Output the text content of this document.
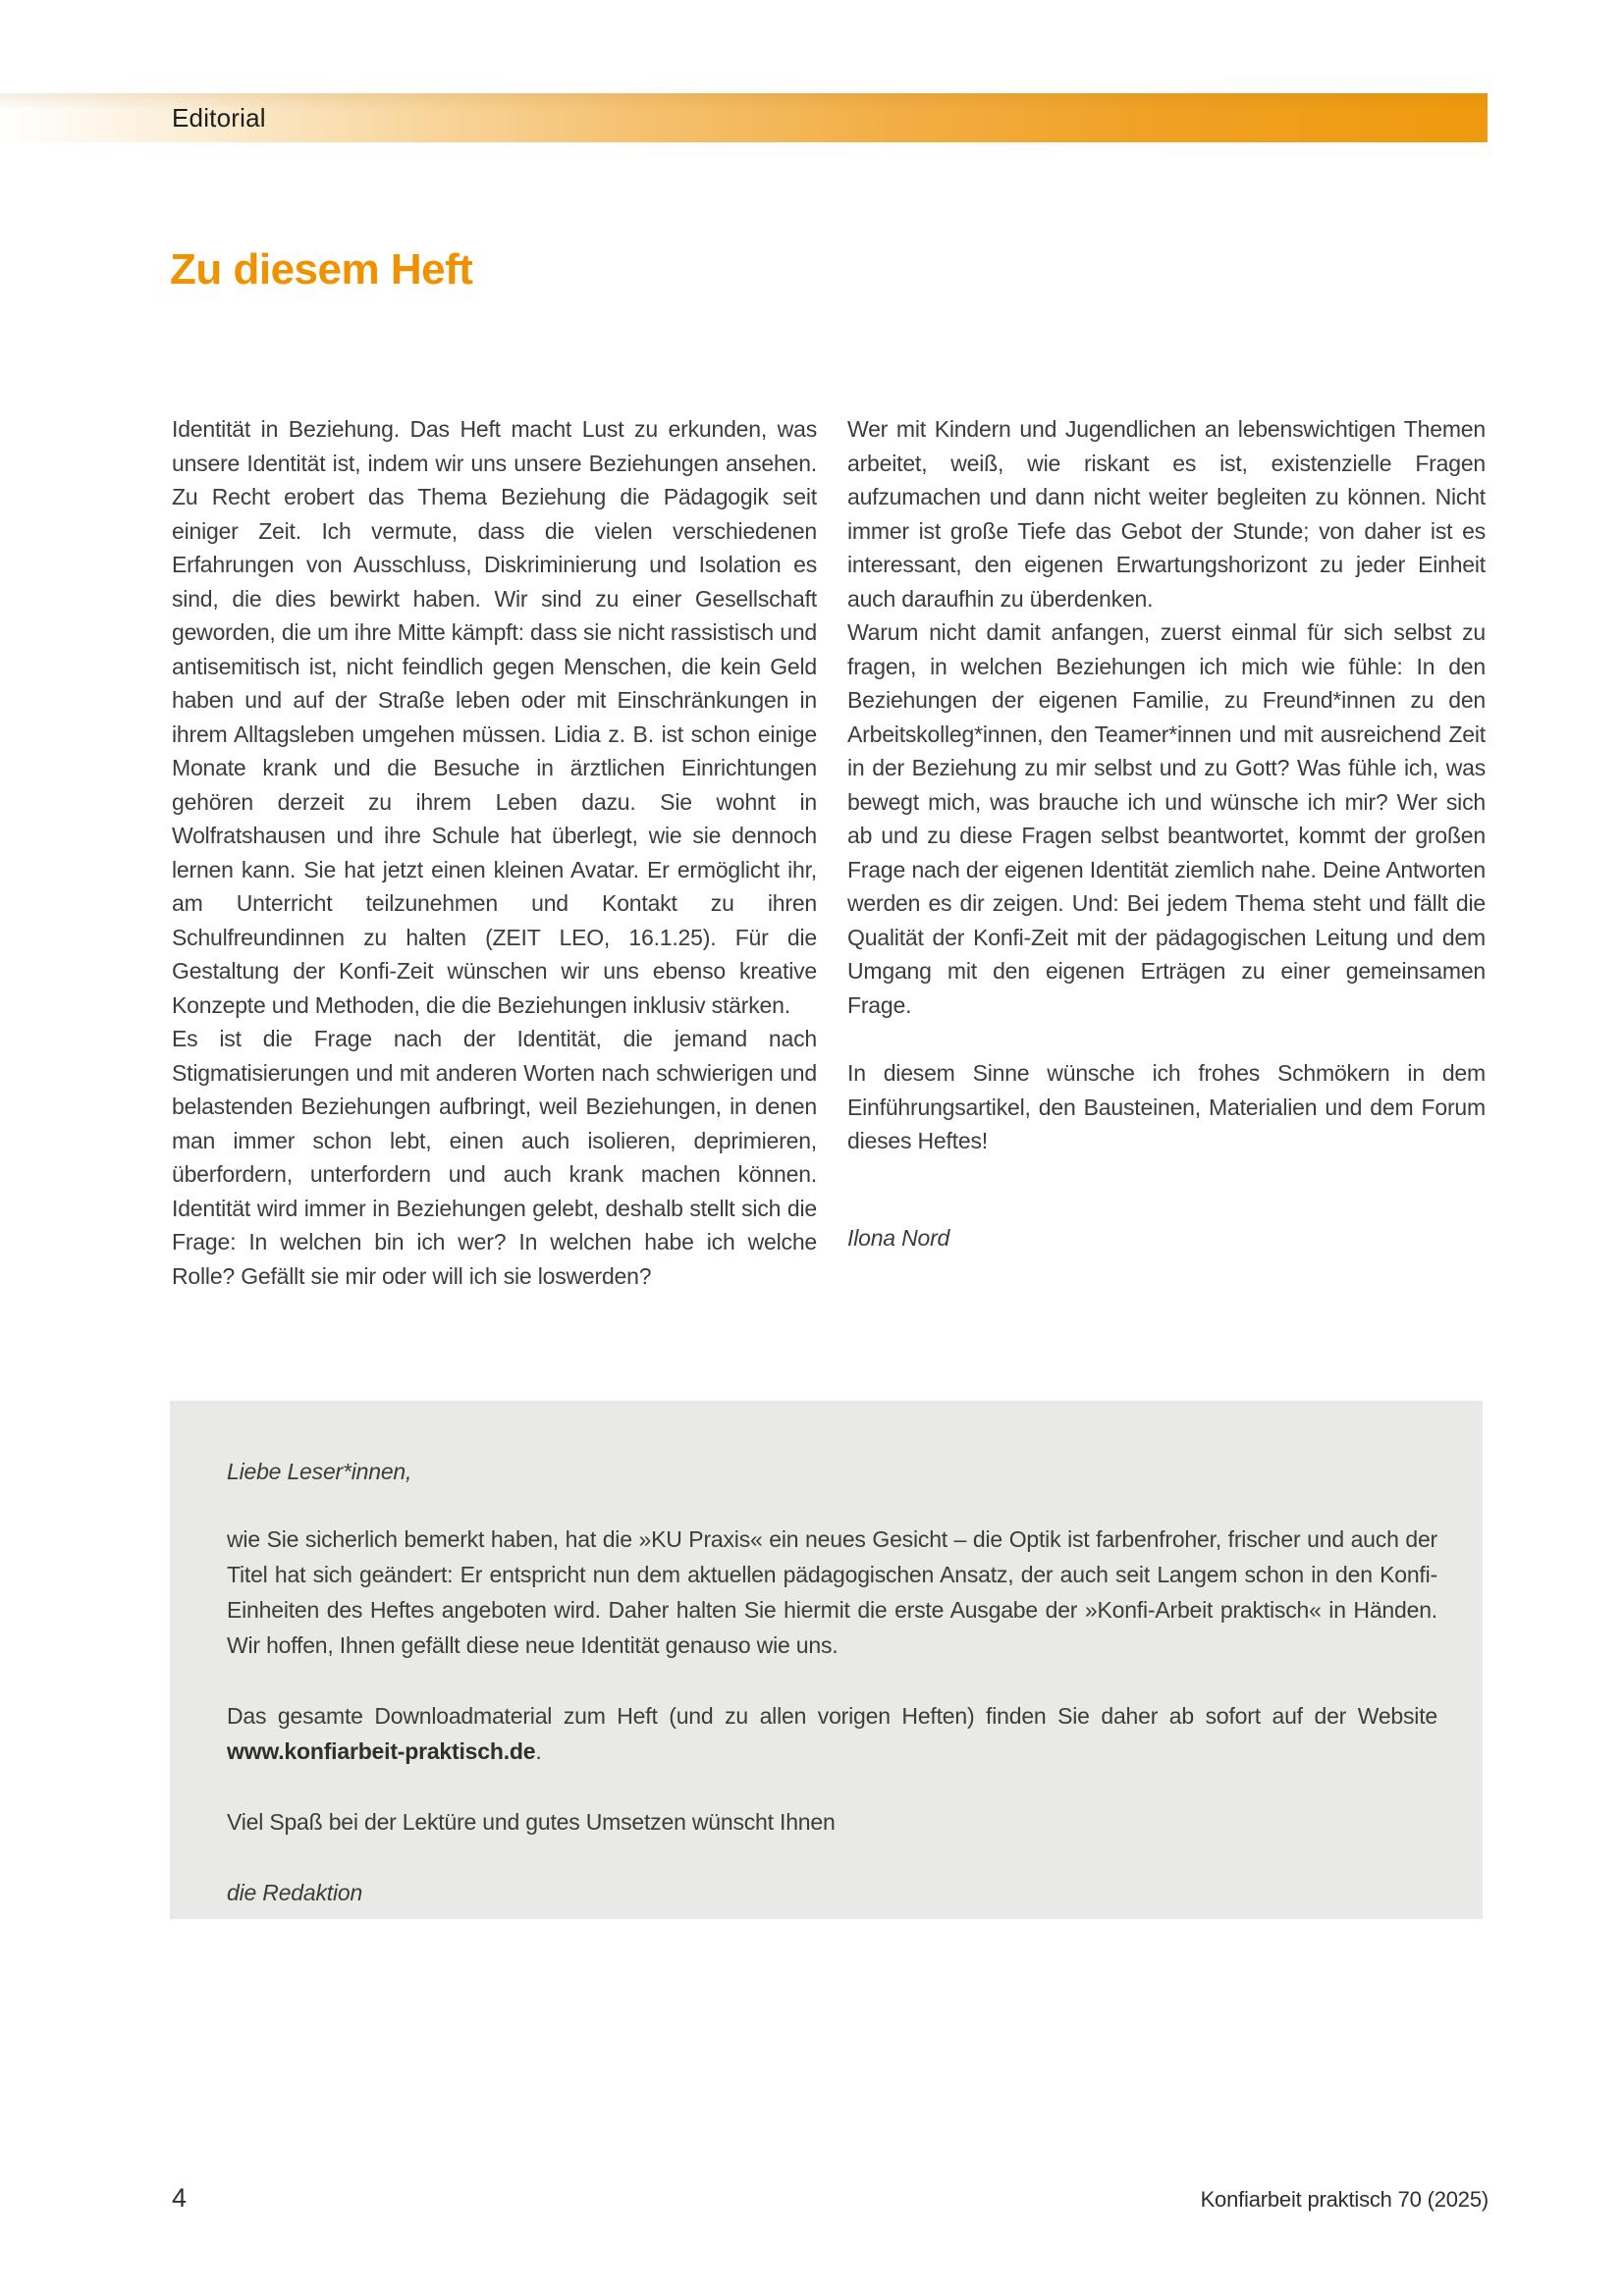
Editorial
Zu diesem Heft

Identität in Beziehung. Das Heft macht Lust zu erkunden, was unsere Identität ist, indem wir uns unsere Beziehungen ansehen. Zu Recht erobert das Thema Beziehung die Pädagogik seit einiger Zeit. Ich vermute, dass die vielen verschiedenen Erfahrungen von Ausschluss, Diskriminierung und Isolation es sind, die dies bewirkt haben. Wir sind zu einer Gesellschaft geworden, die um ihre Mitte kämpft: dass sie nicht rassistisch und antisemitisch ist, nicht feindlich gegen Menschen, die kein Geld haben und auf der Straße leben oder mit Einschränkungen in ihrem Alltagsleben umgehen müssen. Lidia z. B. ist schon einige Monate krank und die Besuche in ärztlichen Einrichtungen gehören derzeit zu ihrem Leben dazu. Sie wohnt in Wolfratshausen und ihre Schule hat überlegt, wie sie dennoch lernen kann. Sie hat jetzt einen kleinen Avatar. Er ermöglicht ihr, am Unterricht teilzunehmen und Kontakt zu ihren Schulfreundinnen zu halten (ZEIT LEO, 16.1.25). Für die Gestaltung der Konfi-Zeit wünschen wir uns ebenso kreative Konzepte und Methoden, die die Beziehungen inklusiv stärken.

Es ist die Frage nach der Identität, die jemand nach Stigmatisierungen und mit anderen Worten nach schwierigen und belastenden Beziehungen aufbringt, weil Beziehungen, in denen man immer schon lebt, einen auch isolieren, deprimieren, überfordern, unterfordern und auch krank machen können. Identität wird immer in Beziehungen gelebt, deshalb stellt sich die Frage: In welchen bin ich wer? In welchen habe ich welche Rolle? Gefällt sie mir oder will ich sie loswerden?

Wer mit Kindern und Jugendlichen an lebenswichtigen Themen arbeitet, weiß, wie riskant es ist, existenzielle Fragen aufzumachen und dann nicht weiter begleiten zu können. Nicht immer ist große Tiefe das Gebot der Stunde; von daher ist es interessant, den eigenen Erwartungshorizont zu jeder Einheit auch daraufhin zu überdenken.

Warum nicht damit anfangen, zuerst einmal für sich selbst zu fragen, in welchen Beziehungen ich mich wie fühle: In den Beziehungen der eigenen Familie, zu Freund*innen zu den Arbeitskolleg*innen, den Teamer*innen und mit ausreichend Zeit in der Beziehung zu mir selbst und zu Gott? Was fühle ich, was bewegt mich, was brauche ich und wünsche ich mir? Wer sich ab und zu diese Fragen selbst beantwortet, kommt der großen Frage nach der eigenen Identität ziemlich nahe. Deine Antworten werden es dir zeigen. Und: Bei jedem Thema steht und fällt die Qualität der Konfi-Zeit mit der pädagogischen Leitung und dem Umgang mit den eigenen Erträgen zu einer gemeinsamen Frage.

In diesem Sinne wünsche ich frohes Schmökern in dem Einführungsartikel, den Bausteinen, Materialien und dem Forum dieses Heftes!

Ilona Nord

Liebe Leser*innen,

wie Sie sicherlich bemerkt haben, hat die »KU Praxis« ein neues Gesicht – die Optik ist farbenfroher, frischer und auch der Titel hat sich geändert: Er entspricht nun dem aktuellen pädagogischen Ansatz, der auch seit Langem schon in den Konfi-Einheiten des Heftes angeboten wird. Daher halten Sie hiermit die erste Ausgabe der »Konfi-Arbeit praktisch« in Händen. Wir hoffen, Ihnen gefällt diese neue Identität genauso wie uns.

Das gesamte Downloadmaterial zum Heft (und zu allen vorigen Heften) finden Sie daher ab sofort auf der Website www.konfiarbeit-praktisch.de.

Viel Spaß bei der Lektüre und gutes Umsetzen wünscht Ihnen

die Redaktion

4	Konfiarbeit praktisch 70 (2025)
